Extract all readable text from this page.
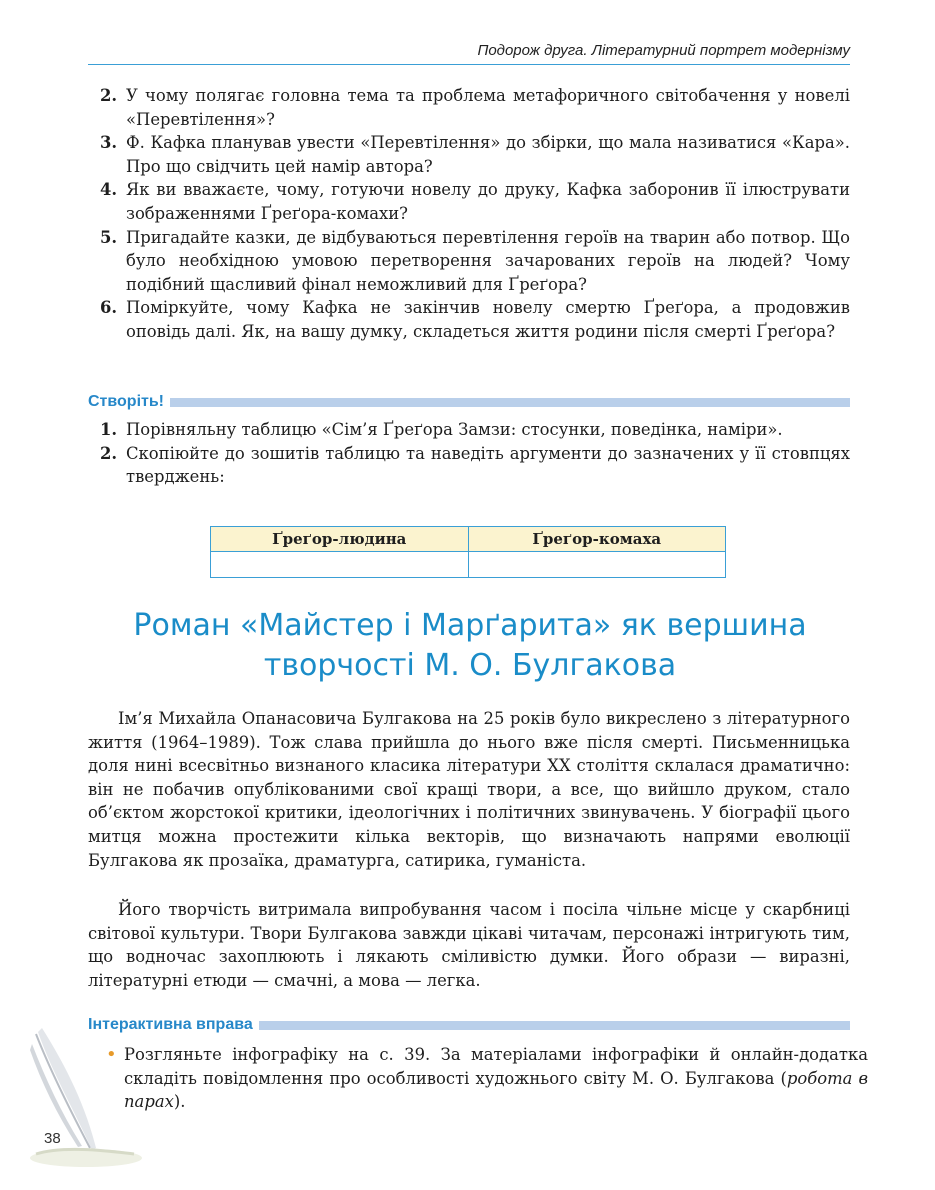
Подорож друга. Літературний портрет модернізму
2. У чому полягає головна тема та проблема метафоричного світобачення у новелі «Перевтілення»?
3. Ф. Кафка планував увести «Перевтілення» до збірки, що мала називатися «Кара». Про що свідчить цей намір автора?
4. Як ви вважаєте, чому, готуючи новелу до друку, Кафка заборонив її ілюструвати зображеннями Ґреґора-комахи?
5. Пригадайте казки, де відбуваються перевтілення героїв на тварин або потвор. Що було необхідною умовою перетворення зачарованих героїв на людей? Чому подібний щасливий фінал неможливий для Ґреґора?
6. Поміркуйте, чому Кафка не закінчив новелу смертю Ґреґора, а продовжив оповідь далі. Як, на вашу думку, складеться життя родини після смерті Ґреґора?
Створіть!
1. Порівняльну таблицю «Сім’я Ґреґора Замзи: стосунки, поведінка, наміри».
2. Скопіюйте до зошитів таблицю та наведіть аргументи до зазначених у її стовпцях тверджень:
Ґреґор-людина	Ґреґор-комаха

Роман «Майстер і Марґарита» як вершина
творчості М. О. Булгакова

Ім’я Михайла Опанасовича Булгакова на 25 років було викреслено з літературного життя (1964–1989). Тож слава прийшла до нього вже після смерті. Письменницька доля нині всесвітньо визнаного класика літератури XX століття склалася драматично: він не побачив опублікованими свої кращі твори, а все, що вийшло друком, стало об’єктом жорстокої критики, ідеологічних і політичних звинувачень. У біографії цього митця можна простежити кілька векторів, що визначають напрями еволюції Булгакова як прозаїка, драматурга, сатирика, гуманіста.

Його творчість витримала випробування часом і посіла чільне місце у скарбниці світової культури. Твори Булгакова завжди цікаві читачам, персонажі інтригують тим, що водночас захоплюють і лякають сміливістю думки. Його образи — виразні, літературні етюди — смачні, а мова — легка.

Інтерактивна вправа
• Розгляньте інфографіку на с. 39. За матеріалами інфографіки й онлайн-додатка складіть повідомлення про особливості художнього світу М. О. Булгакова (робота в парах).
38
